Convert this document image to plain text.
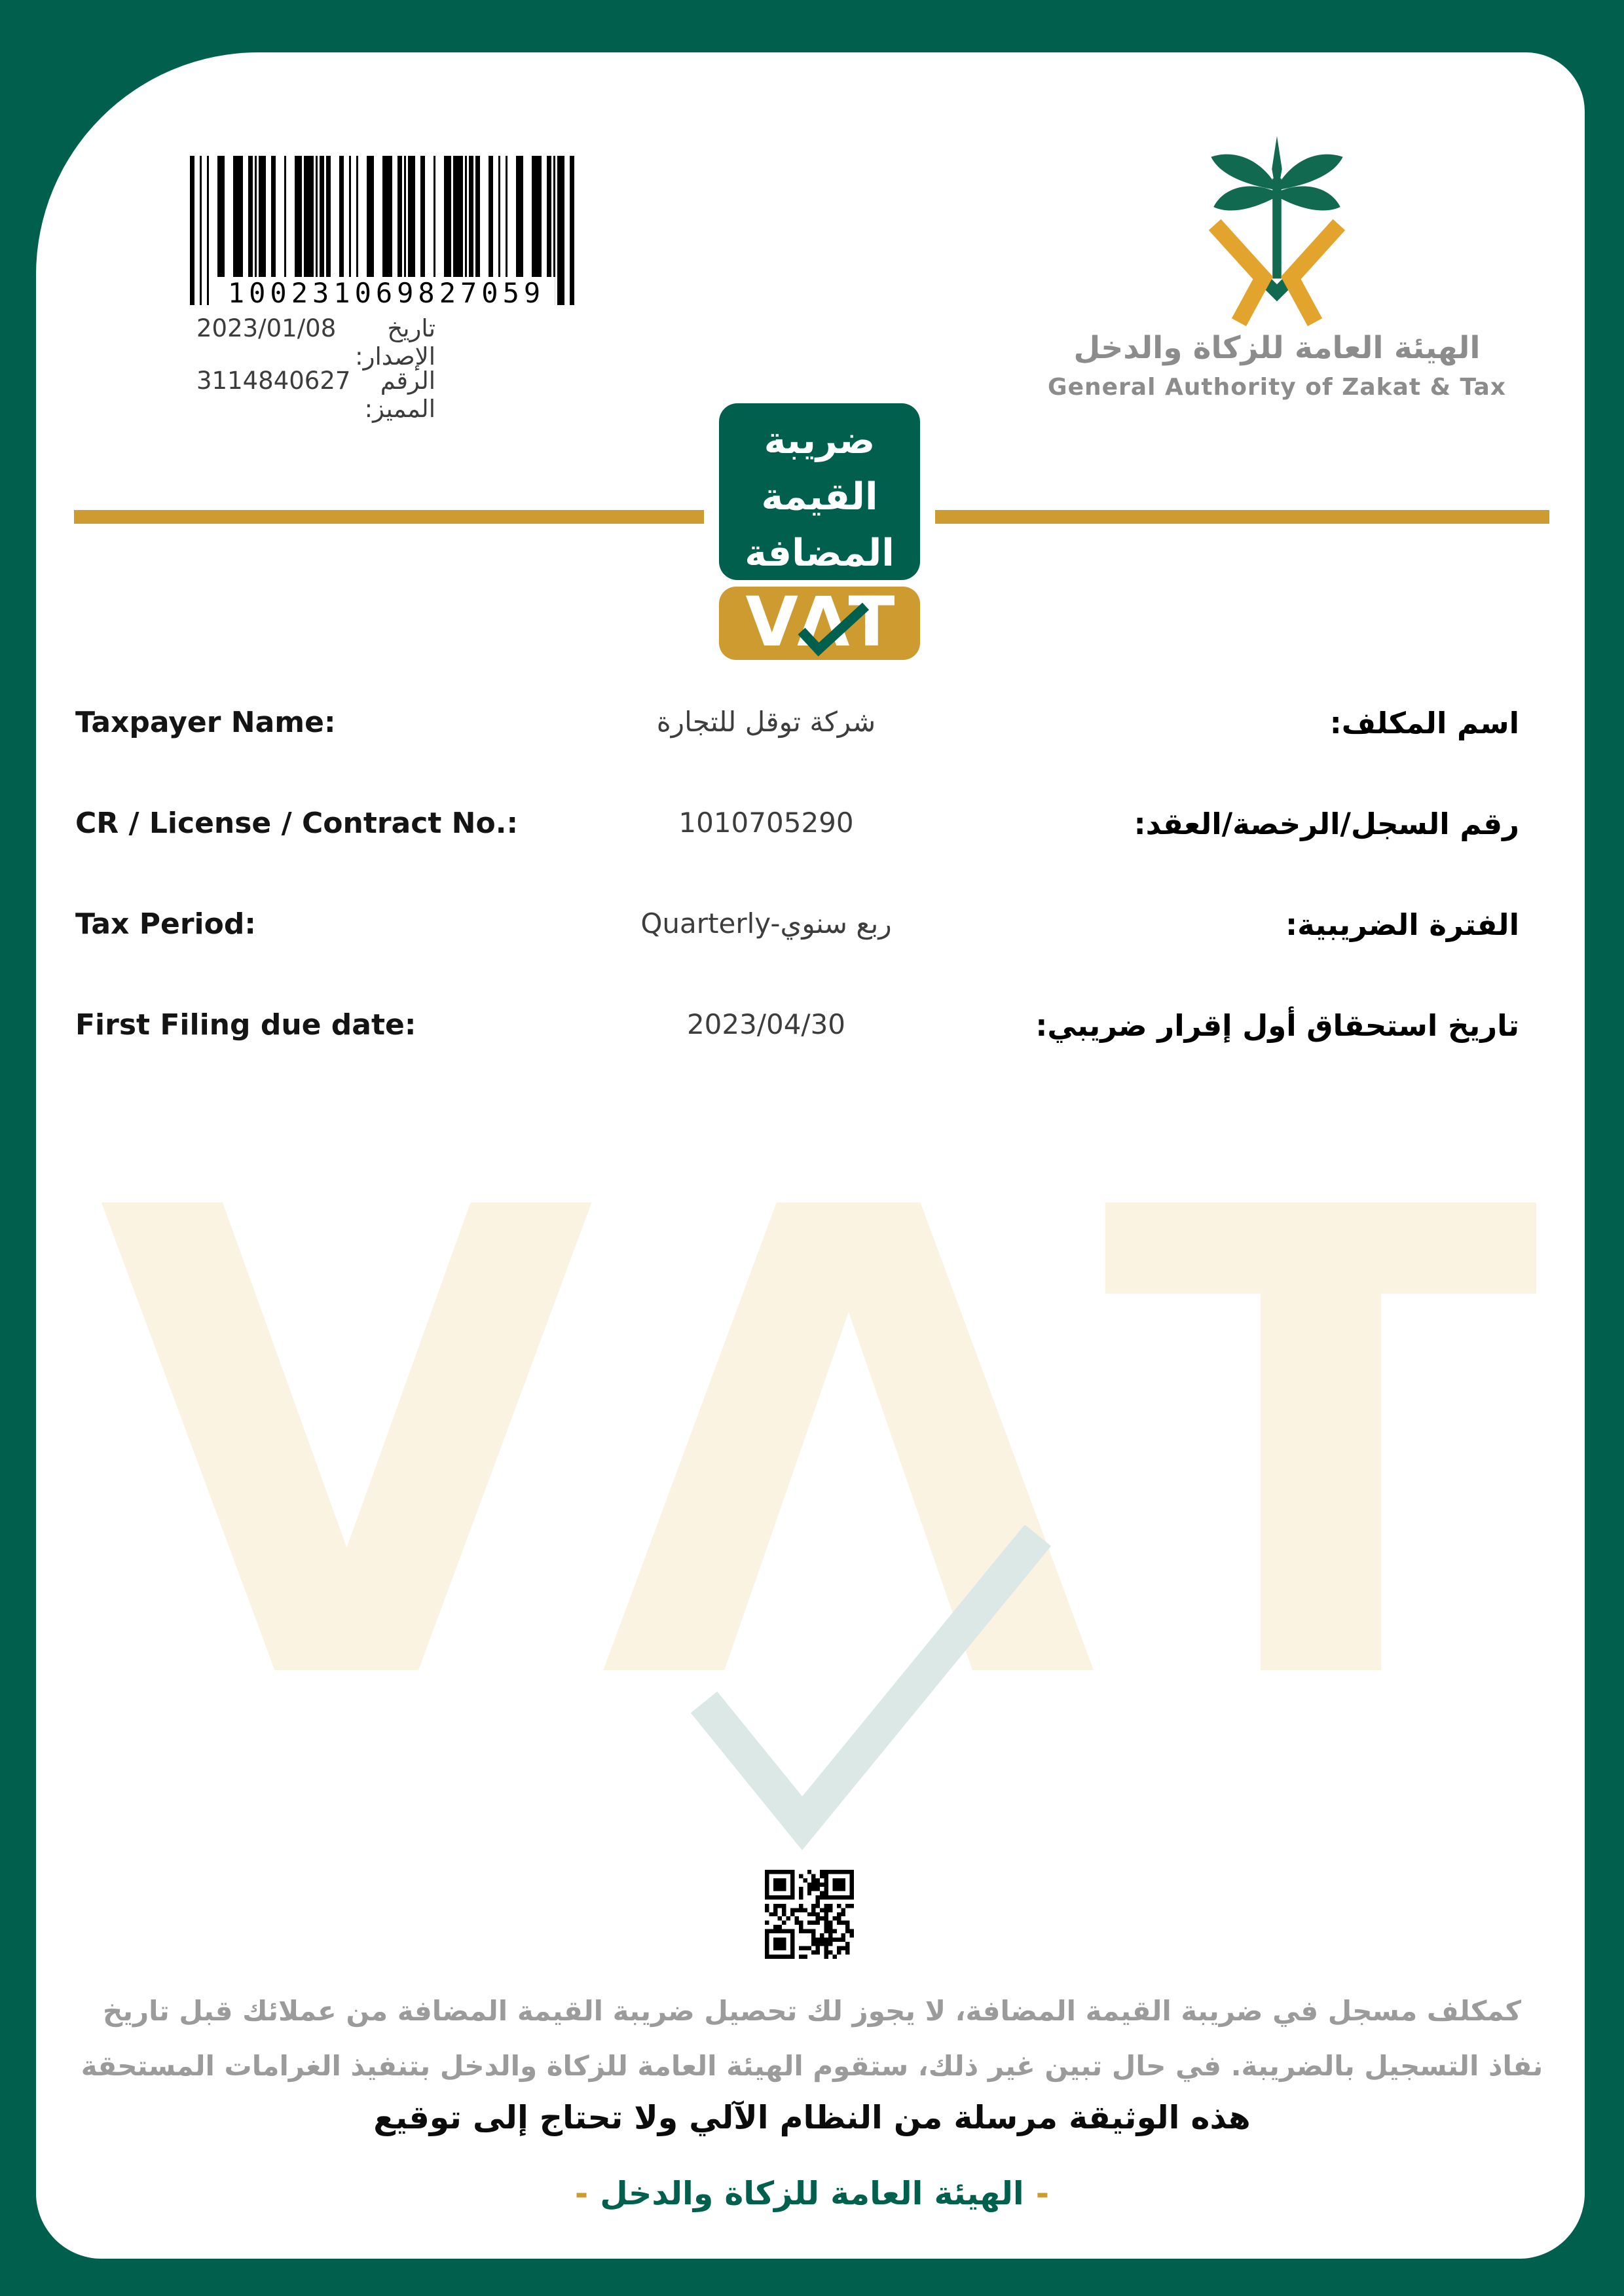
100231069827059
تاريخ الإصدار:
2023/01/08
الرقم المميز:
3114840627
الهيئة العامة للزكاة والدخل
General Authority of Zakat & Tax
ضريبة
القيمة
المضافة
VΛT
Taxpayer Name:	شركة توقل للتجارة	اسم المكلف:
CR / License / Contract No.:	1010705290	رقم السجل/الرخصة/العقد:
Tax Period:	Quarterly-ربع سنوي	الفترة الضريبية:
First Filing due date:	2023/04/30	تاريخ استحقاق أول إقرار ضريبي:
VΛT
كمكلف مسجل في ضريبة القيمة المضافة، لا يجوز لك تحصيل ضريبة القيمة المضافة من عملائك قبل تاريخ
نفاذ التسجيل بالضريبة. في حال تبين غير ذلك، ستقوم الهيئة العامة للزكاة والدخل بتنفيذ الغرامات المستحقة
هذه الوثيقة مرسلة من النظام الآلي ولا تحتاج إلى توقيع
-الهيئة العامة للزكاة والدخل-
